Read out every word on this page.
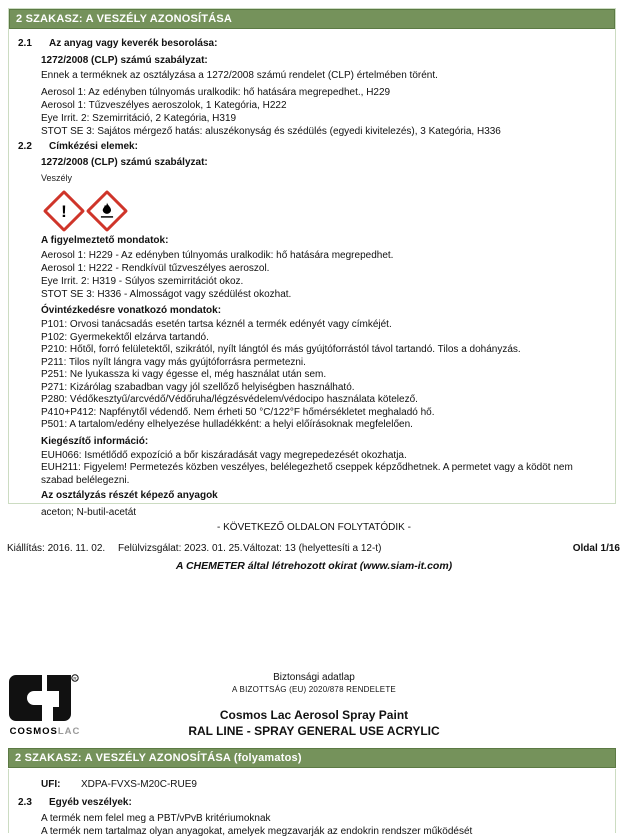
2 SZAKASZ: A VESZÉLY AZONOSÍTÁSA
2.1	Az anyag vagy keverék besorolása:
1272/2008 (CLP) számú szabályzat:
Ennek a terméknek az osztályzása a 1272/2008 számú rendelet (CLP) értelmében törént.
Aerosol 1: Az edényben túlnyomás uralkodik: hő hatására megrepedhet., H229
Aerosol 1: Tűzveszélyes aeroszolok, 1 Kategória, H222
Eye Irrit. 2: Szemirritáció, 2 Kategória, H319
STOT SE 3: Sajátos mérgező hatás: aluszékonyság és szédülés (egyedi kivitelezés), 3 Kategória, H336
2.2	Címkézési elemek:
1272/2008 (CLP) számú szabályzat:
Veszély
!
A figyelmeztető mondatok:
Aerosol 1: H229 - Az edényben túlnyomás uralkodik: hő hatására megrepedhet.
Aerosol 1: H222 - Rendkívül tűzveszélyes aeroszol.
Eye Irrit. 2: H319 - Súlyos szemirritációt okoz.
STOT SE 3: H336 - Almosságot vagy szédülést okozhat.
Óvintézkedésre vonatkozó mondatok:
P101: Orvosi tanácsadás esetén tartsa kéznél a termék edényét vagy címkéjét.
P102: Gyermekektől elzárva tartandó.
P210: Hőtől, forró felületektől, szikrától, nyílt lángtól és más gyújtóforrástól távol tartandó. Tilos a dohányzás.
P211: Tilos nyílt lángra vagy más gyújtóforrásra permetezni.
P251: Ne lyukassza ki vagy égesse el, még használat után sem.
P271: Kizárólag szabadban vagy jól szellőző helyiségben használható.
P280: Védőkesztyű/arcvédő/Védőruha/légzésvédelem/védocipo használata kötelező.
P410+P412: Napfénytől védendő. Nem érheti 50 °C/122°F hőmérsékletet meghaladó hő.
P501: A tartalom/edény elhelyezése hulladékként: a helyi előírásoknak megfelelően.
Kiegészítő információ:
EUH066: Ismétlődő expozíció a bőr kiszáradását vagy megrepedezését okozhatja.
EUH211: Figyelem! Permetezés közben veszélyes, belélegezhető cseppek képződhetnek. A permetet vagy a ködöt nem szabad belélegezni.
Az osztályzás részét képező anyagok
aceton; N-butil-acetát
- KÖVETKEZŐ OLDALON FOLYTATÓDIK -
Kiállítás: 2016. 11. 02. Felülvizsgálat: 2023. 01. 25. Változat: 13 (helyettesíti a 12-t)	Oldal 1/16
A CHEMETER által létrehozott okirat (www.siam-it.com)
R
COSMOSLAC
Biztonsági adatlap
A BIZOTTSÁG (EU) 2020/878 RENDELETE
Cosmos Lac Aerosol Spray Paint
RAL LINE - SPRAY GENERAL USE ACRYLIC
2 SZAKASZ: A VESZÉLY AZONOSÍTÁSA (folyamatos)
UFI:	XDPA-FVXS-M20C-RUE9
2.3	Egyéb veszélyek:
A termék nem felel meg a PBT/vPvB kritériumoknak
A termék nem tartalmaz olyan anyagokat, amelyek megzavarják az endokrin rendszer működését
